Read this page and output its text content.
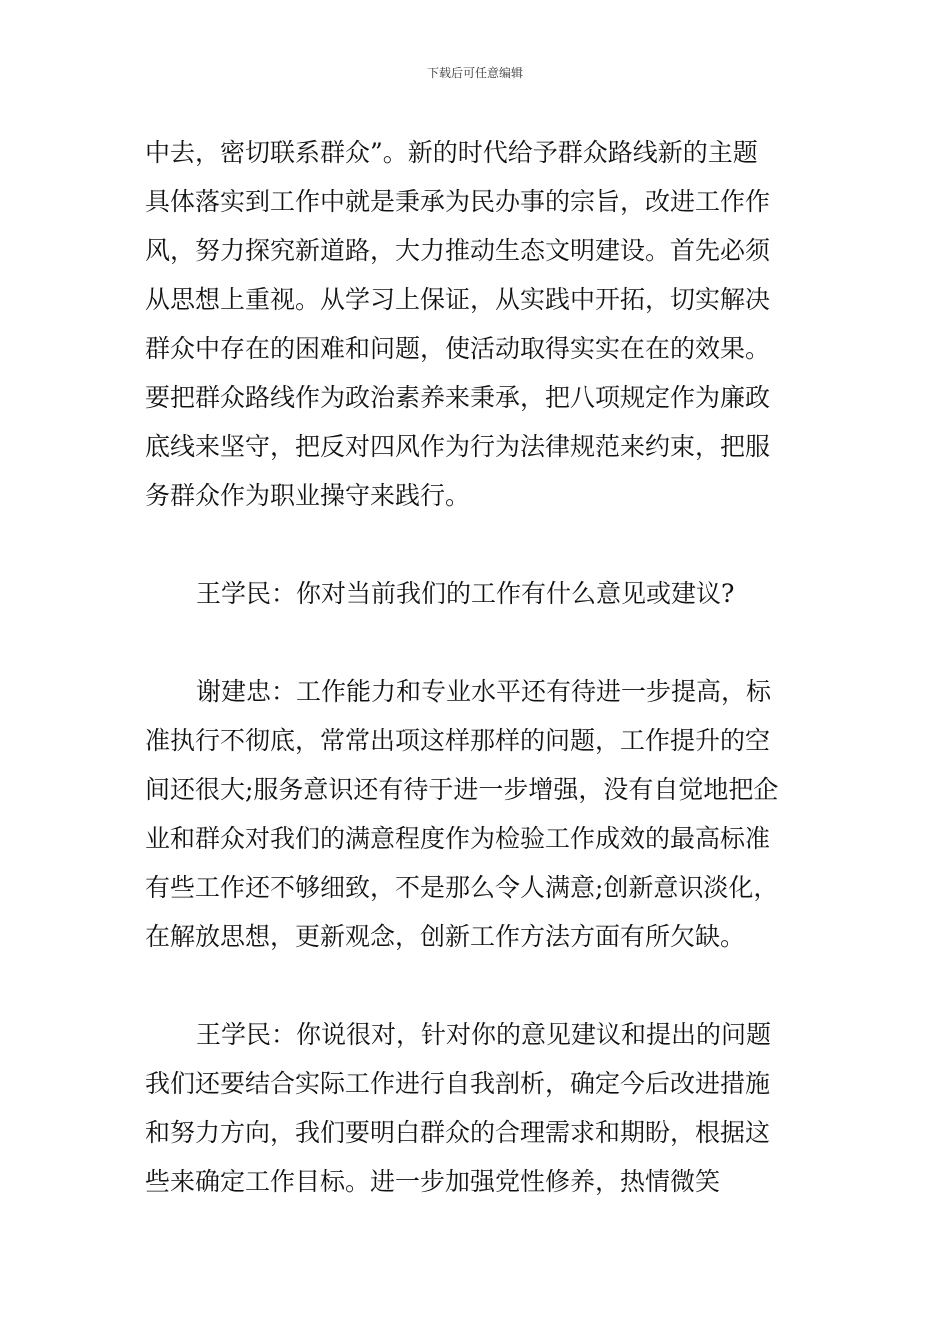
下载后可任意编辑
中去，密切联系群众”。新的时代给予群众路线新的主题
具体落实到工作中就是秉承为民办事的宗旨，改进工作作
风，努力探究新道路，大力推动生态文明建设。首先必须
从思想上重视。从学习上保证，从实践中开拓，切实解决
群众中存在的困难和问题，使活动取得实实在在的效果。
要把群众路线作为政治素养来秉承，把八项规定作为廉政
底线来坚守，把反对四风作为行为法律规范来约束，把服
务群众作为职业操守来践行。
王学民：你对当前我们的工作有什么意见或建议?
谢建忠：工作能力和专业水平还有待进一步提高，标
准执行不彻底，常常出项这样那样的问题，工作提升的空
间还很大;服务意识还有待于进一步增强，没有自觉地把企
业和群众对我们的满意程度作为检验工作成效的最高标准
有些工作还不够细致，不是那么令人满意;创新意识淡化，
在解放思想，更新观念，创新工作方法方面有所欠缺。
王学民：你说很对，针对你的意见建议和提出的问题
我们还要结合实际工作进行自我剖析，确定今后改进措施
和努力方向，我们要明白群众的合理需求和期盼，根据这
些来确定工作目标。进一步加强党性修养，热情微笑
